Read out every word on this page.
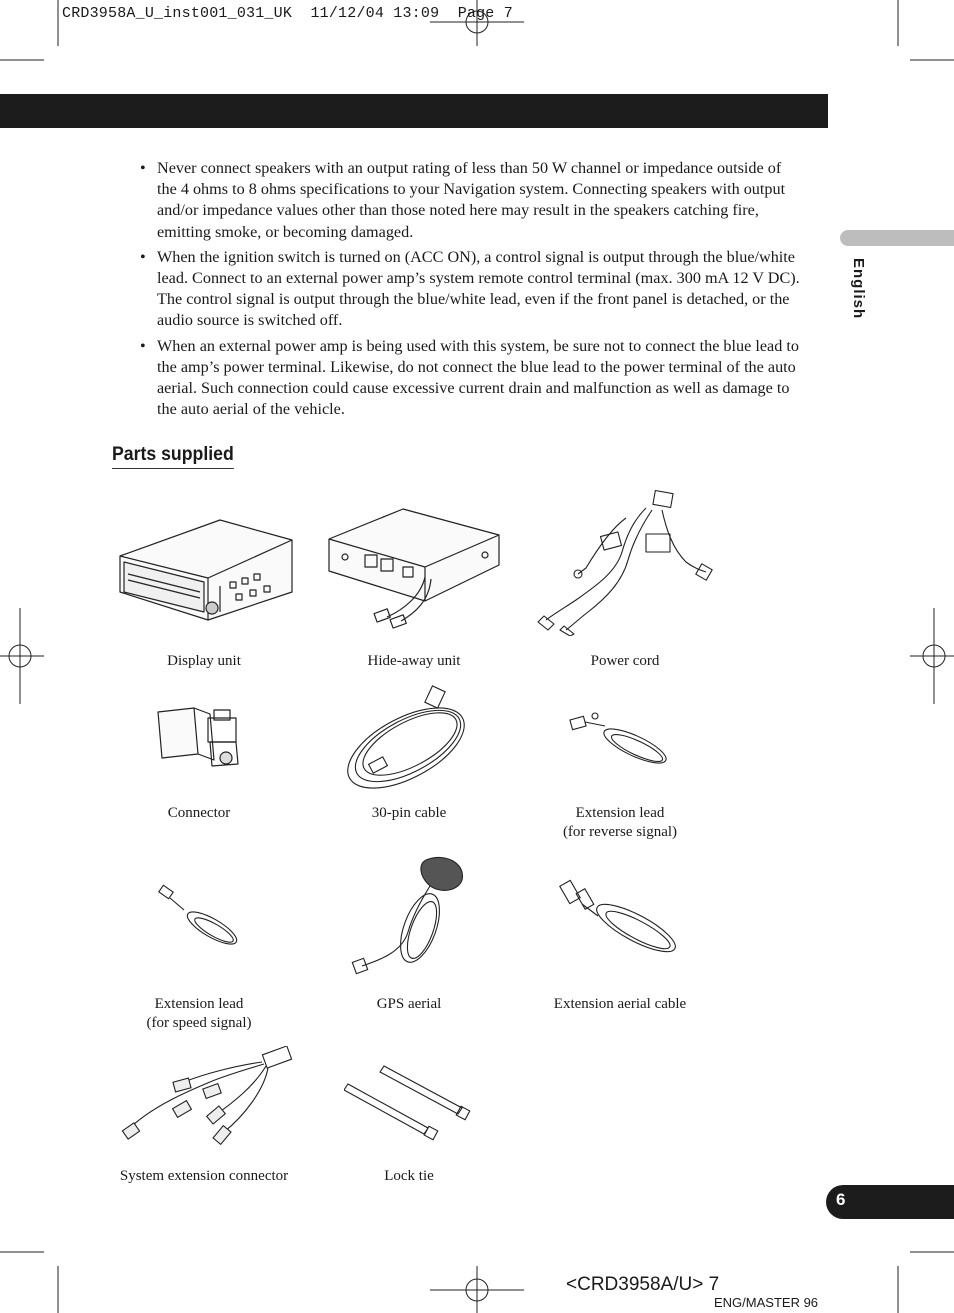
CRD3958A_U_inst001_031_UK 11/12/04 13:09 Page 7
English
• Never connect speakers with an output rating of less than 50 W channel or impedance outside of the 4 ohms to 8 ohms specifications to your Navigation system. Connecting speakers with output and/or impedance values other than those noted here may result in the speakers catching fire, emitting smoke, or becoming damaged.
• When the ignition switch is turned on (ACC ON), a control signal is output through the blue/white lead. Connect to an external power amp’s system remote control terminal (max. 300 mA 12 V DC). The control signal is output through the blue/white lead, even if the front panel is detached, or the audio source is switched off.
• When an external power amp is being used with this system, be sure not to connect the blue lead to the amp’s power terminal. Likewise, do not connect the blue lead to the power terminal of the auto aerial. Such connection could cause excessive current drain and malfunction as well as damage to the auto aerial of the vehicle.
Parts supplied
Display unit	Hide-away unit	Power cord
Connector	30-pin cable	Extension lead
(for reverse signal)
Extension lead
(for speed signal)
GPS aerial	Extension aerial cable
System extension connector	Lock tie
6
<CRD3958A/U> 7
ENG/MASTER 96
